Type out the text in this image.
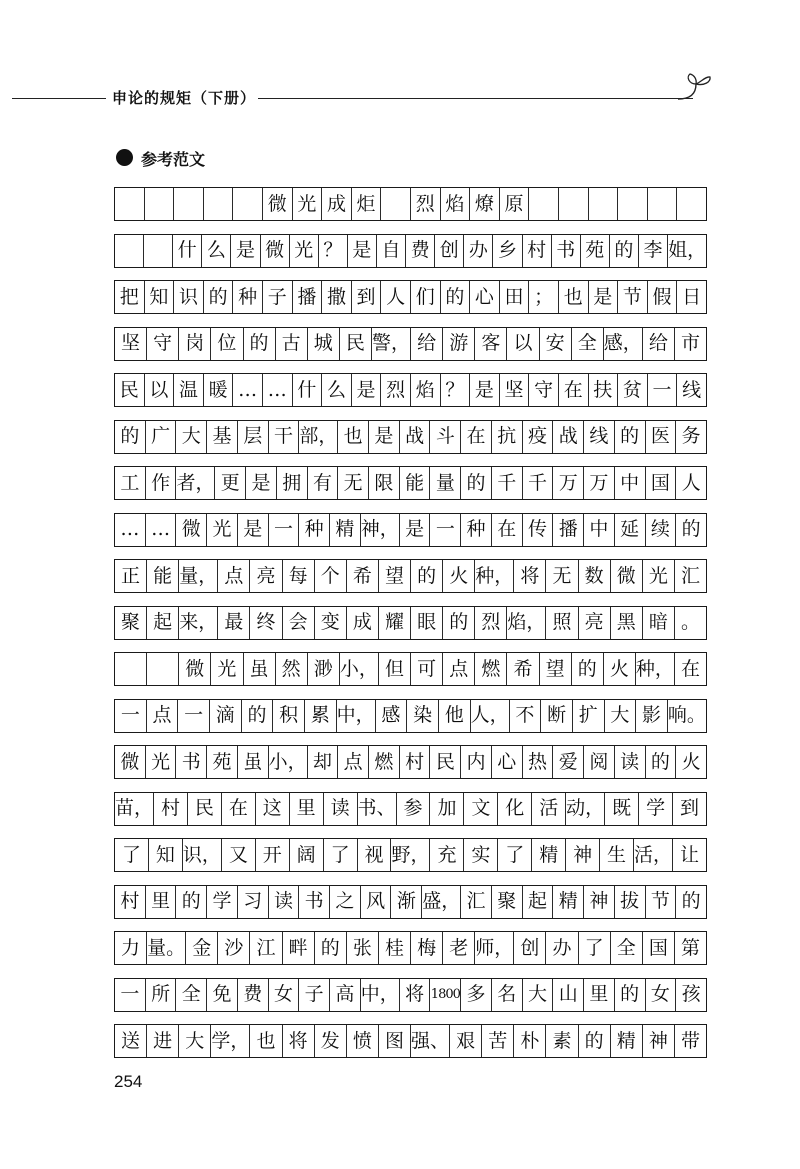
申论的规矩（下册）
参考范文
微 光 成 炬	烈 焰 燎 原
什 么 是 微 光 ？ 是 自 费 创 办 乡 村 书 苑 的 李 姐，
把 知 识 的 种 子 播 撒 到 人 们 的 心 田 ； 也 是 节 假 日
坚 守 岗 位 的 古 城 民 警， 给 游 客 以 安 全 感， 给 市
民 以 温 暖 … … 什 么 是 烈 焰 ？ 是 坚 守 在 扶 贫 一 线
的 广 大 基 层 干 部， 也 是 战 斗 在 抗 疫 战 线 的 医 务
工 作 者， 更 是 拥 有 无 限 能 量 的 千 千 万 万 中 国 人
… … 微 光 是 一 种 精 神， 是 一 种 在 传 播 中 延 续 的
正 能 量， 点 亮 每 个 希 望 的 火 种， 将 无 数 微 光 汇
聚 起 来， 最 终 会 变 成 耀 眼 的 烈 焰， 照 亮 黑 暗 。
微 光 虽 然 渺 小， 但 可 点 燃 希 望 的 火 种， 在
一 点 一 滴 的 积 累 中， 感 染 他 人， 不 断 扩 大 影 响。
微 光 书 苑 虽 小， 却 点 燃 村 民 内 心 热 爱 阅 读 的 火
苗， 村 民 在 这 里 读 书、 参 加 文 化 活 动， 既 学 到
了 知 识， 又 开 阔 了 视 野， 充 实 了 精 神 生 活， 让
村 里 的 学 习 读 书 之 风 渐 盛， 汇 聚 起 精 神 拔 节 的
力 量。 金 沙 江 畔 的 张 桂 梅 老 师， 创 办 了 全 国 第
一 所 全 免 费 女 子 高 中， 将 1800 多 名 大 山 里 的 女 孩
送 进 大 学， 也 将 发 愤 图 强、 艰 苦 朴 素 的 精 神 带
254
